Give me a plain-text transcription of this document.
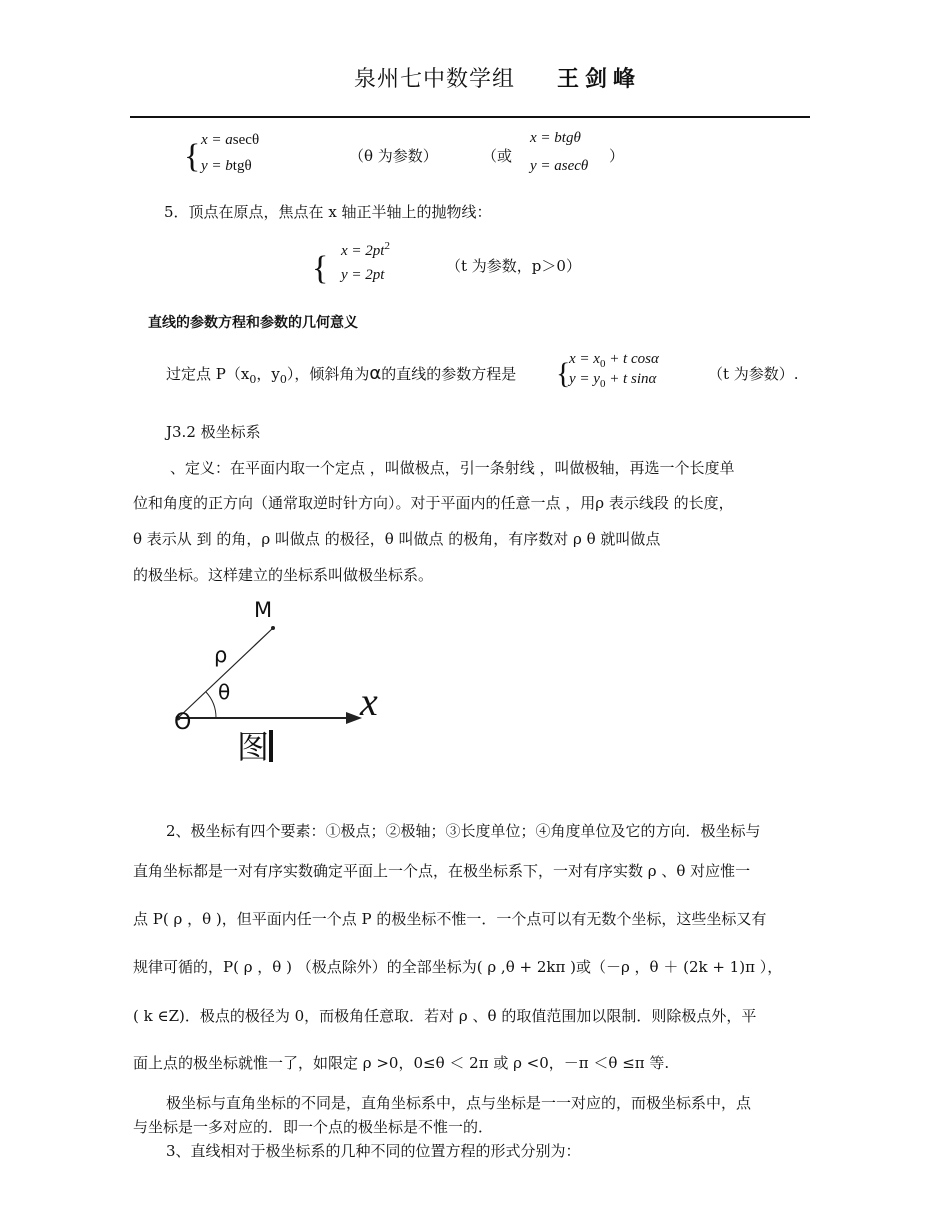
泉州七中数学组 王剑峰
{ x = asecθ
y = btgθ
（θ 为参数）	（或
x = btgθ
y = asecθ
）
5．顶点在原点，焦点在 x 轴正半轴上的抛物线：
{ $x = 2pt^2$
y = 2pt	（t 为参数，p＞0）
直线的参数方程和参数的几何意义
过定点 $P(x_0$，$y_0$），倾斜角为α的直线的参数方程是 {
$x = x_0 + t$ cosα
$y = y_0 + t$ sinα	（t 为参数）.
J3.2 极坐标系
、定义：在平面内取一个定点 ，叫做极点，引一条射线 ，叫做极轴，再选一个长度单
位和角度的正方向（通常取逆时针方向）。对于平面内的任意一点 ，用ρ 表示线段 的长度，
θ 表示从 到 的角，ρ 叫做点 的极径，θ 叫做点 的极角，有序数对 ρ θ 就叫做点
的极坐标。这样建立的坐标系叫做极坐标系。
M
ρ
θ	x
O
图
2、极坐标有四个要素：①极点；②极轴；③长度单位；④角度单位及它的方向．极坐标与
直角坐标都是一对有序实数确定平面上一个点，在极坐标系下，一对有序实数 ρ 、θ 对应惟一
点 P( ρ ，θ )，但平面内任一个点 P 的极坐标不惟一．一个点可以有无数个坐标，这些坐标又有
规律可循的，P( ρ ，θ ) （极点除外）的全部坐标为( ρ ,θ + 2kπ )或（－ρ ，θ ＋ (2k + 1)π ），
( k ∈Z)．极点的极径为 0，而极角任意取．若对 ρ 、θ 的取值范围加以限制．则除极点外，平
面上点的极坐标就惟一了，如限定 ρ >0，0≤θ ＜ 2π 或 ρ <0，－π ＜θ ≤π 等.
极坐标与直角坐标的不同是，直角坐标系中，点与坐标是一一对应的，而极坐标系中，点
与坐标是一多对应的．即一个点的极坐标是不惟一的．
3、直线相对于极坐标系的几种不同的位置方程的形式分别为：
